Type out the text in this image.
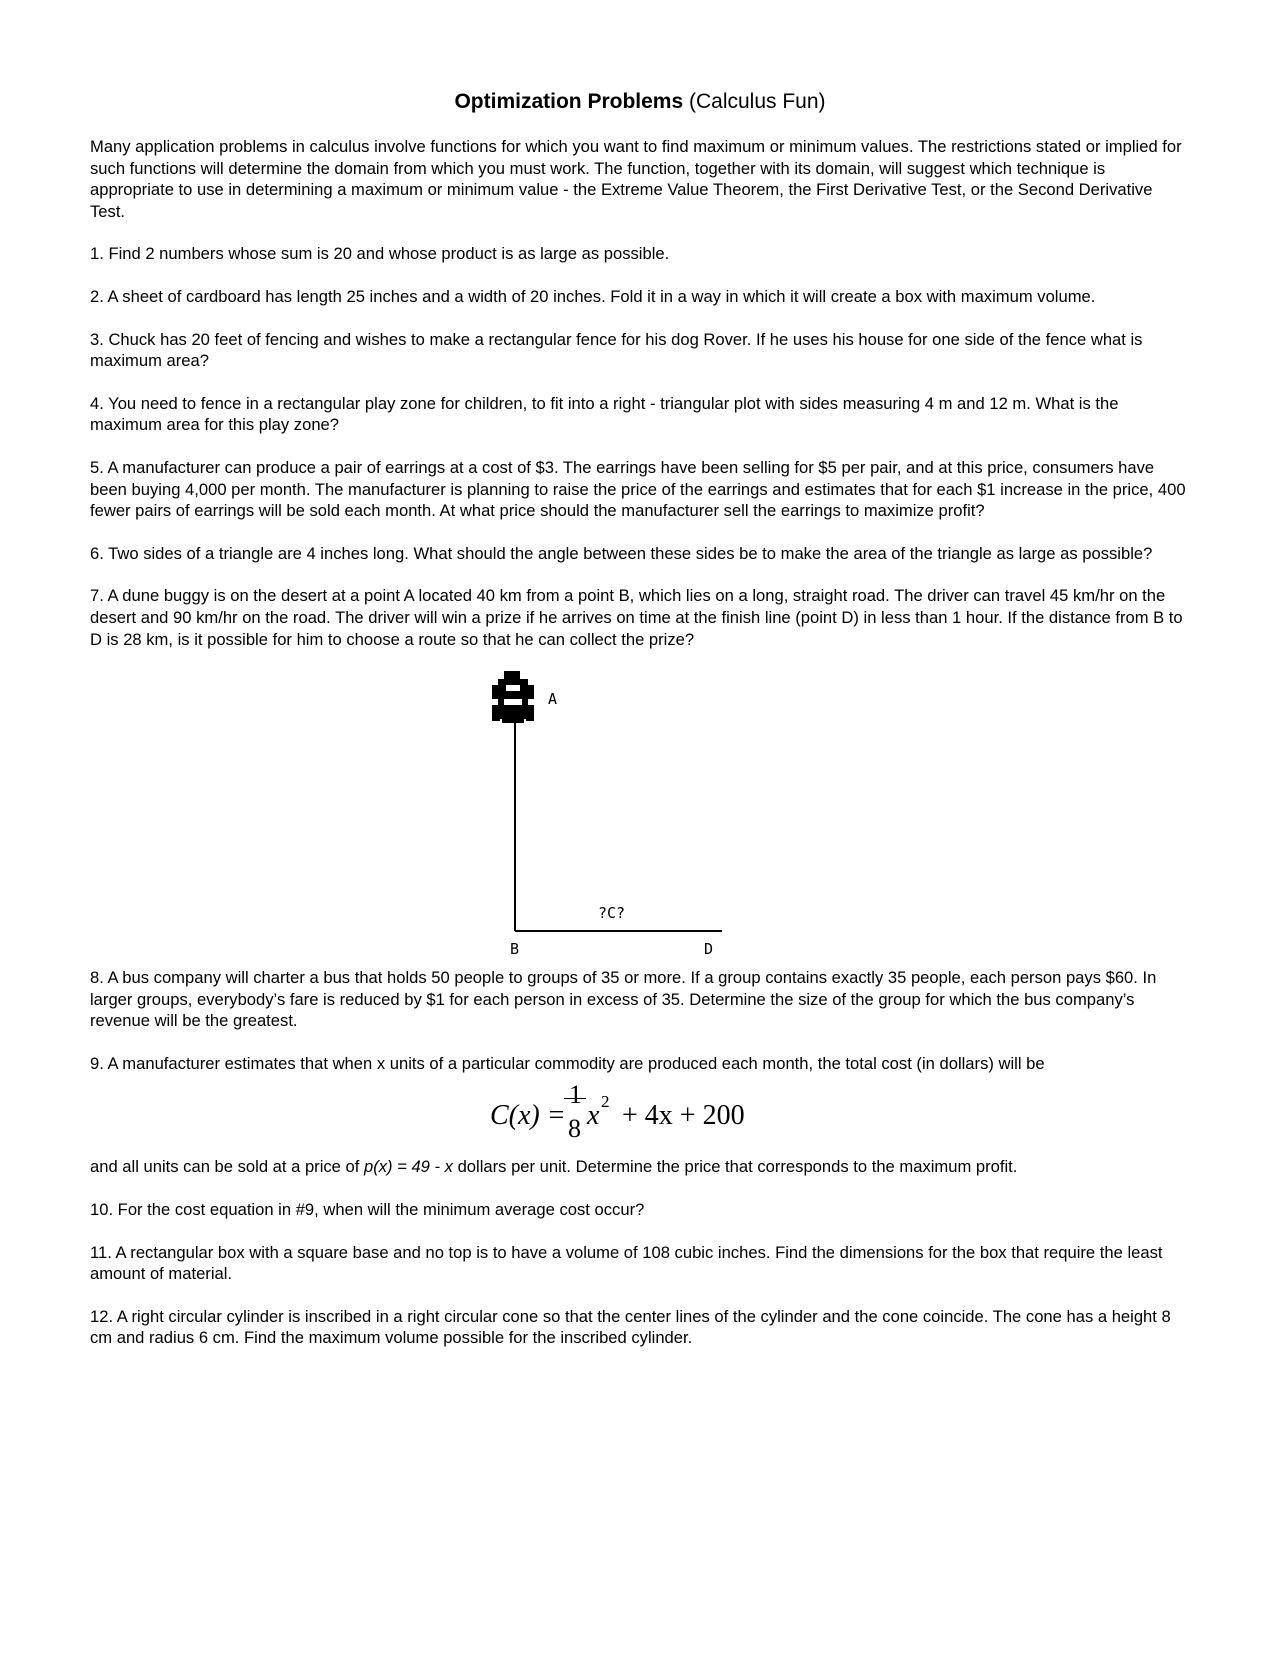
Optimization Problems (Calculus Fun)

Many application problems in calculus involve functions for which you want to find maximum or minimum values. The restrictions stated or implied for such functions will determine the domain from which you must work. The function, together with its domain, will suggest which technique is appropriate to use in determining a maximum or minimum value - the Extreme Value Theorem, the First Derivative Test, or the Second Derivative Test.

1. Find 2 numbers whose sum is 20 and whose product is as large as possible.

2. A sheet of cardboard has length 25 inches and a width of 20 inches. Fold it in a way in which it will create a box with maximum volume.

3. Chuck has 20 feet of fencing and wishes to make a rectangular fence for his dog Rover. If he uses his house for one side of the fence what is maximum area?

4. You need to fence in a rectangular play zone for children, to fit into a right - triangular plot with sides measuring 4 m and 12 m. What is the maximum area for this play zone?

5. A manufacturer can produce a pair of earrings at a cost of $3. The earrings have been selling for $5 per pair, and at this price, consumers have been buying 4,000 per month. The manufacturer is planning to raise the price of the earrings and estimates that for each $1 increase in the price, 400 fewer pairs of earrings will be sold each month. At what price should the manufacturer sell the earrings to maximize profit?

6. Two sides of a triangle are 4 inches long. What should the angle between these sides be to make the area of the triangle as large as possible?

7. A dune buggy is on the desert at a point A located 40 km from a point B, which lies on a long, straight road. The driver can travel 45 km/hr on the desert and 90 km/hr on the road. The driver will win a prize if he arrives on time at the finish line (point D) in less than 1 hour. If the distance from B to D is 28 km, is it possible for him to choose a route so that he can collect the prize?

A
B
?C?
D

8. A bus company will charter a bus that holds 50 people to groups of 35 or more. If a group contains exactly 35 people, each person pays $60. In larger groups, everybody’s fare is reduced by $1 for each person in excess of 35. Determine the size of the group for which the bus company’s revenue will be the greatest.

9. A manufacturer estimates that when x units of a particular commodity are produced each month, the total cost (in dollars) will be

C(x) =
1
8 x 2 + 4x + 200

and all units can be sold at a price of p(x) = 49 - x dollars per unit. Determine the price that corresponds to the maximum profit.

10. For the cost equation in #9, when will the minimum average cost occur?

11. A rectangular box with a square base and no top is to have a volume of 108 cubic inches. Find the dimensions for the box that require the least amount of material.

12. A right circular cylinder is inscribed in a right circular cone so that the center lines of the cylinder and the cone coincide. The cone has a height 8 cm and radius 6 cm. Find the maximum volume possible for the inscribed cylinder.
